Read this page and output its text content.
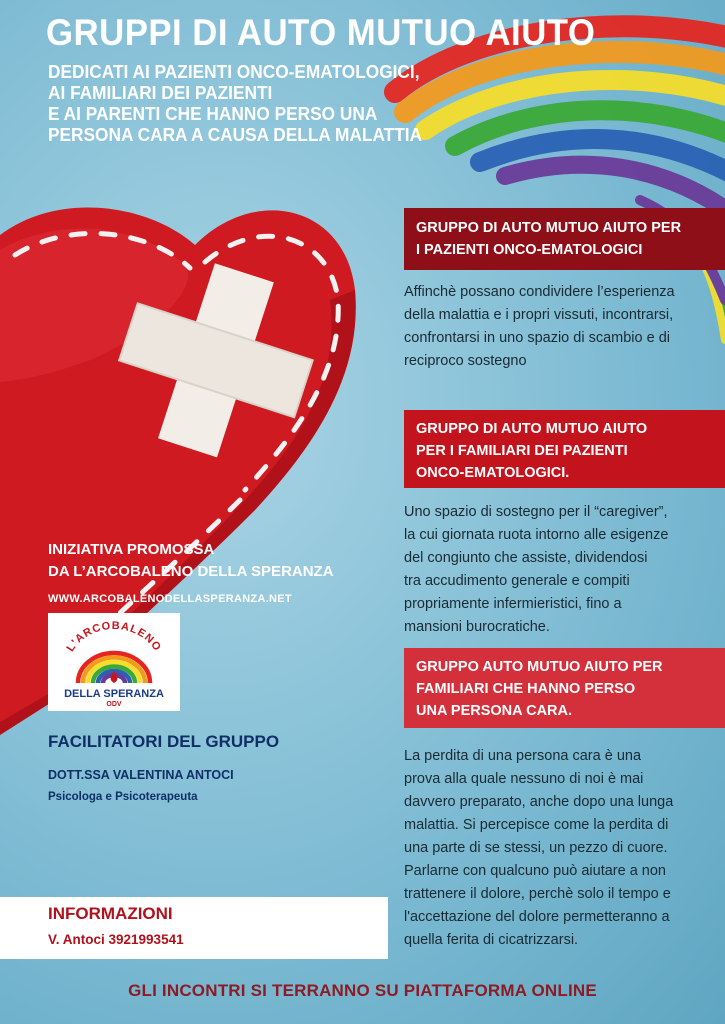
GRUPPI DI AUTO MUTUO AIUTO
DEDICATI AI PAZIENTI ONCO-EMATOLOGICI,
AI FAMILIARI DEI PAZIENTI
E AI PARENTI CHE HANNO PERSO UNA
PERSONA CARA A CAUSA DELLA MALATTIA
GRUPPO DI AUTO MUTUO AIUTO PER
I PAZIENTI ONCO-EMATOLOGICI
Affinchè possano condividere l’esperienza
della malattia e i propri vissuti, incontrarsi,
confrontarsi in uno spazio di scambio e di
reciproco sostegno
GRUPPO DI AUTO MUTUO AIUTO
PER I FAMILIARI DEI PAZIENTI
ONCO-EMATOLOGICI.
Uno spazio di sostegno per il “caregiver”,
la cui giornata ruota intorno alle esigenze
del congiunto che assiste, dividendosi
tra accudimento generale e compiti
propriamente infermieristici, fino a
mansioni burocratiche.
GRUPPO AUTO MUTUO AIUTO PER
FAMILIARI CHE HANNO PERSO
UNA PERSONA CARA.
La perdita di una persona cara è una
prova alla quale nessuno di noi è mai
davvero preparato, anche dopo una lunga
malattia. Si percepisce come la perdita di
una parte di se stessi, un pezzo di cuore.
Parlarne con qualcuno può aiutare a non
trattenere il dolore, perchè solo il tempo e
l'accettazione del dolore permetteranno a
quella ferita di cicatrizzarsi.
INIZIATIVA PROMOSSA
DA L’ARCOBALENO DELLA SPERANZA
WWW.ARCOBALENODELLASPERANZA.NET
L'ARCOBALENO
DELLA SPERANZA
ODV
FACILITATORI DEL GRUPPO
DOTT.SSA VALENTINA ANTOCI
Psicologa e Psicoterapeuta
INFORMAZIONI
V. Antoci 3921993541
GLI INCONTRI SI TERRANNO SU PIATTAFORMA ONLINE
